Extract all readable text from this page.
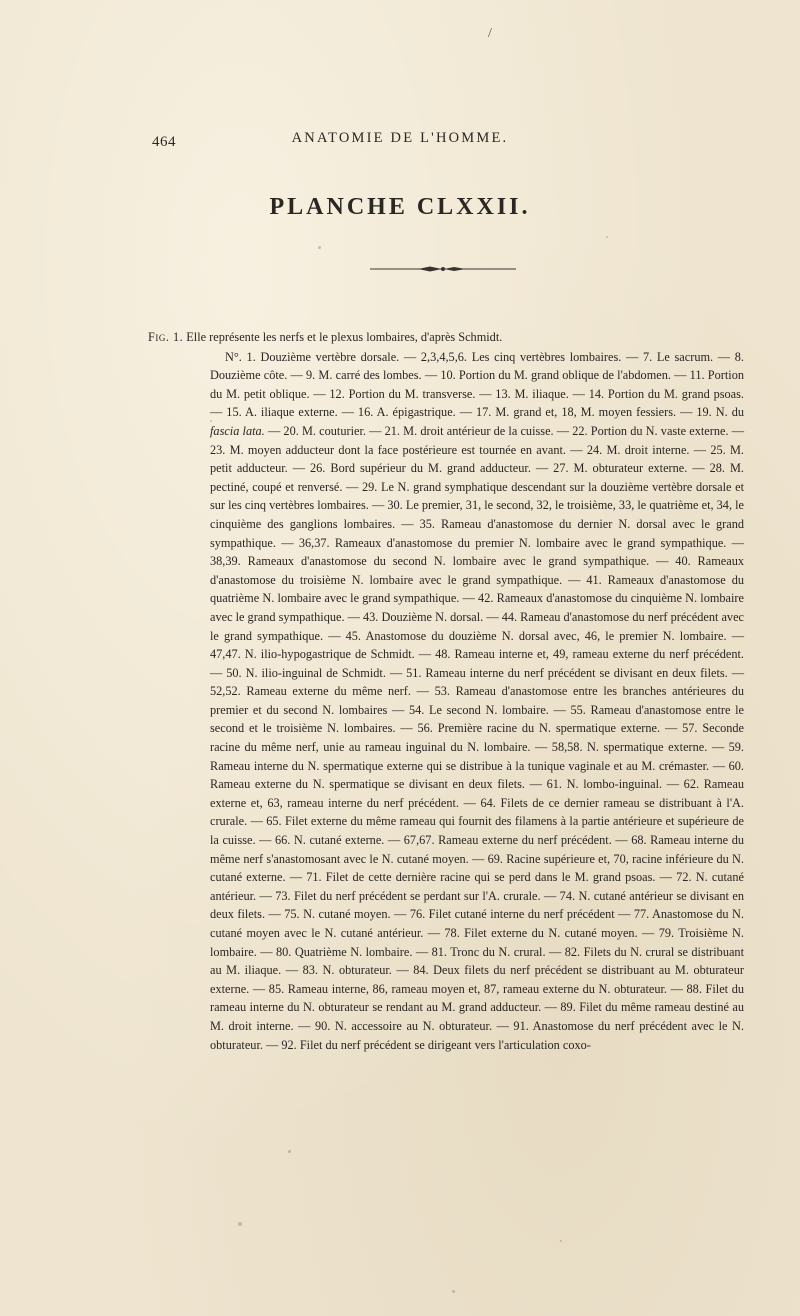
/
464	ANATOMIE DE L'HOMME.
PLANCHE CLXXII.
Fig. 1. Elle représente les nerfs et le plexus lombaires, d'après Schmidt.
N°. 1. Douzième vertèbre dorsale. — 2,3,4,5,6. Les cinq vertèbres lombaires. — 7. Le sacrum. — 8. Douzième côte. — 9. M. carré des lombes. — 10. Portion du M. grand oblique de l'abdomen. — 11. Portion du M. petit oblique. — 12. Portion du M. transverse. — 13. M. iliaque. — 14. Portion du M. grand psoas. — 15. A. iliaque externe. — 16. A. épigastrique. — 17. M. grand et, 18, M. moyen fessiers. — 19. N. du fascia lata. — 20. M. couturier. — 21. M. droit antérieur de la cuisse. — 22. Portion du N. vaste externe. — 23. M. moyen adducteur dont la face postérieure est tournée en avant. — 24. M. droit interne. — 25. M. petit adducteur. — 26. Bord supérieur du M. grand adducteur. — 27. M. obturateur externe. — 28. M. pectiné, coupé et renversé. — 29. Le N. grand symphatique descendant sur la douzième vertèbre dorsale et sur les cinq vertèbres lombaires. — 30. Le premier, 31, le second, 32, le troisième, 33, le quatrième et, 34, le cinquième des ganglions lombaires. — 35. Rameau d'anastomose du dernier N. dorsal avec le grand sympathique. — 36,37. Rameaux d'anastomose du premier N. lombaire avec le grand sympathique. — 38,39. Rameaux d'anastomose du second N. lombaire avec le grand sympathique. — 40. Rameaux d'anastomose du troisième N. lombaire avec le grand sympathique. — 41. Rameaux d'anastomose du quatrième N. lombaire avec le grand sympathique. — 42. Rameaux d'anastomose du cinquième N. lombaire avec le grand sympathique. — 43. Douzième N. dorsal. — 44. Rameau d'anastomose du nerf précédent avec le grand sympathique. — 45. Anastomose du douzième N. dorsal avec, 46, le premier N. lombaire. — 47,47. N. ilio-hypogastrique de Schmidt. — 48. Rameau interne et, 49, rameau externe du nerf précédent. — 50. N. ilio-inguinal de Schmidt. — 51. Rameau interne du nerf précédent se divisant en deux filets. — 52,52. Rameau externe du même nerf. — 53. Rameau d'anastomose entre les branches antérieures du premier et du second N. lombaires — 54. Le second N. lombaire. — 55. Rameau d'anastomose entre le second et le troisième N. lombaires. — 56. Première racine du N. spermatique externe. — 57. Seconde racine du même nerf, unie au rameau inguinal du N. lombaire. — 58,58. N. spermatique externe. — 59. Rameau interne du N. spermatique externe qui se distribue à la tunique vaginale et au M. crémaster. — 60. Rameau externe du N. spermatique se divisant en deux filets. — 61. N. lombo-inguinal. — 62. Rameau externe et, 63, rameau interne du nerf précédent. — 64. Filets de ce dernier rameau se distribuant à l'A. crurale. — 65. Filet externe du même rameau qui fournit des filamens à la partie antérieure et supérieure de la cuisse. — 66. N. cutané externe. — 67,67. Rameau externe du nerf précédent. — 68. Rameau interne du même nerf s'anastomosant avec le N. cutané moyen. — 69. Racine supérieure et, 70, racine inférieure du N. cutané externe. — 71. Filet de cette dernière racine qui se perd dans le M. grand psoas. — 72. N. cutané antérieur. — 73. Filet du nerf précédent se perdant sur l'A. crurale. — 74. N. cutané antérieur se divisant en deux filets. — 75. N. cutané moyen. — 76. Filet cutané interne du nerf précédent — 77. Anastomose du N. cutané moyen avec le N. cutané antérieur. — 78. Filet externe du N. cutané moyen. — 79. Troisième N. lombaire. — 80. Quatrième N. lombaire. — 81. Tronc du N. crural. — 82. Filets du N. crural se distribuant au M. iliaque. — 83. N. obturateur. — 84. Deux filets du nerf précédent se distribuant au M. obturateur externe. — 85. Rameau interne, 86, rameau moyen et, 87, rameau externe du N. obturateur. — 88. Filet du rameau interne du N. obturateur se rendant au M. grand adducteur. — 89. Filet du même rameau destiné au M. droit interne. — 90. N. accessoire au N. obturateur. — 91. Anastomose du nerf précédent avec le N. obturateur. — 92. Filet du nerf précédent se dirigeant vers l'articulation coxo-
